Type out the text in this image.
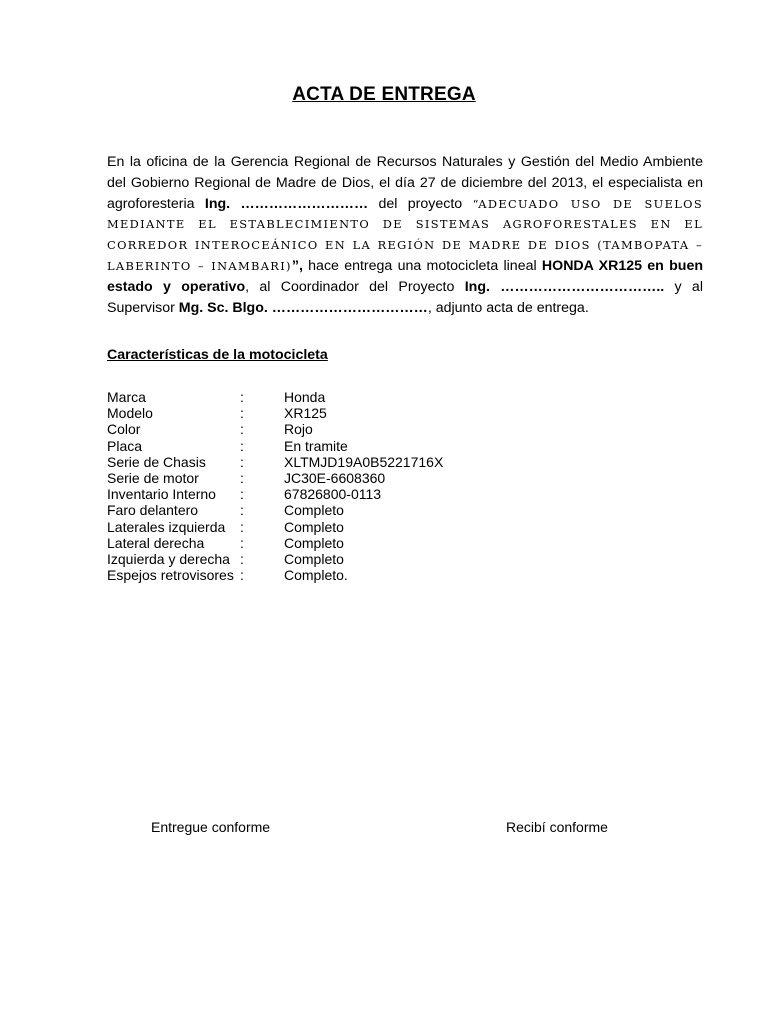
ACTA DE ENTREGA
En la oficina de la Gerencia Regional de Recursos Naturales y Gestión del Medio Ambiente del Gobierno Regional de Madre de Dios, el día 27 de diciembre del 2013, el especialista en agroforesteria Ing. ……………………… del proyecto “ADECUADO USO DE SUELOS MEDIANTE EL ESTABLECIMIENTO DE SISTEMAS AGROFORESTALES EN EL CORREDOR INTEROCEÁNICO EN LA REGIÓN DE MADRE DE DIOS (TAMBOPATA – LABERINTO – INAMBARI)”, hace entrega una motocicleta lineal HONDA XR125 en buen estado y operativo, al Coordinador del Proyecto Ing. …………………………….. y al Supervisor Mg. Sc. Blgo. ……………………………, adjunto acta de entrega.
Características de la motocicleta
Marca	:	Honda
Modelo	:	XR125
Color	:	Rojo
Placa	:	En tramite
Serie de Chasis	:	XLTMJD19A0B5221716X
Serie de motor	:	JC30E-6608360
Inventario Interno	:	67826800-0113
Faro delantero	:	Completo
Laterales izquierda	:	Completo
Lateral derecha	:	Completo
Izquierda y derecha	:	Completo
Espejos retrovisores	:	Completo.
Entregue conforme	Recibí conforme
